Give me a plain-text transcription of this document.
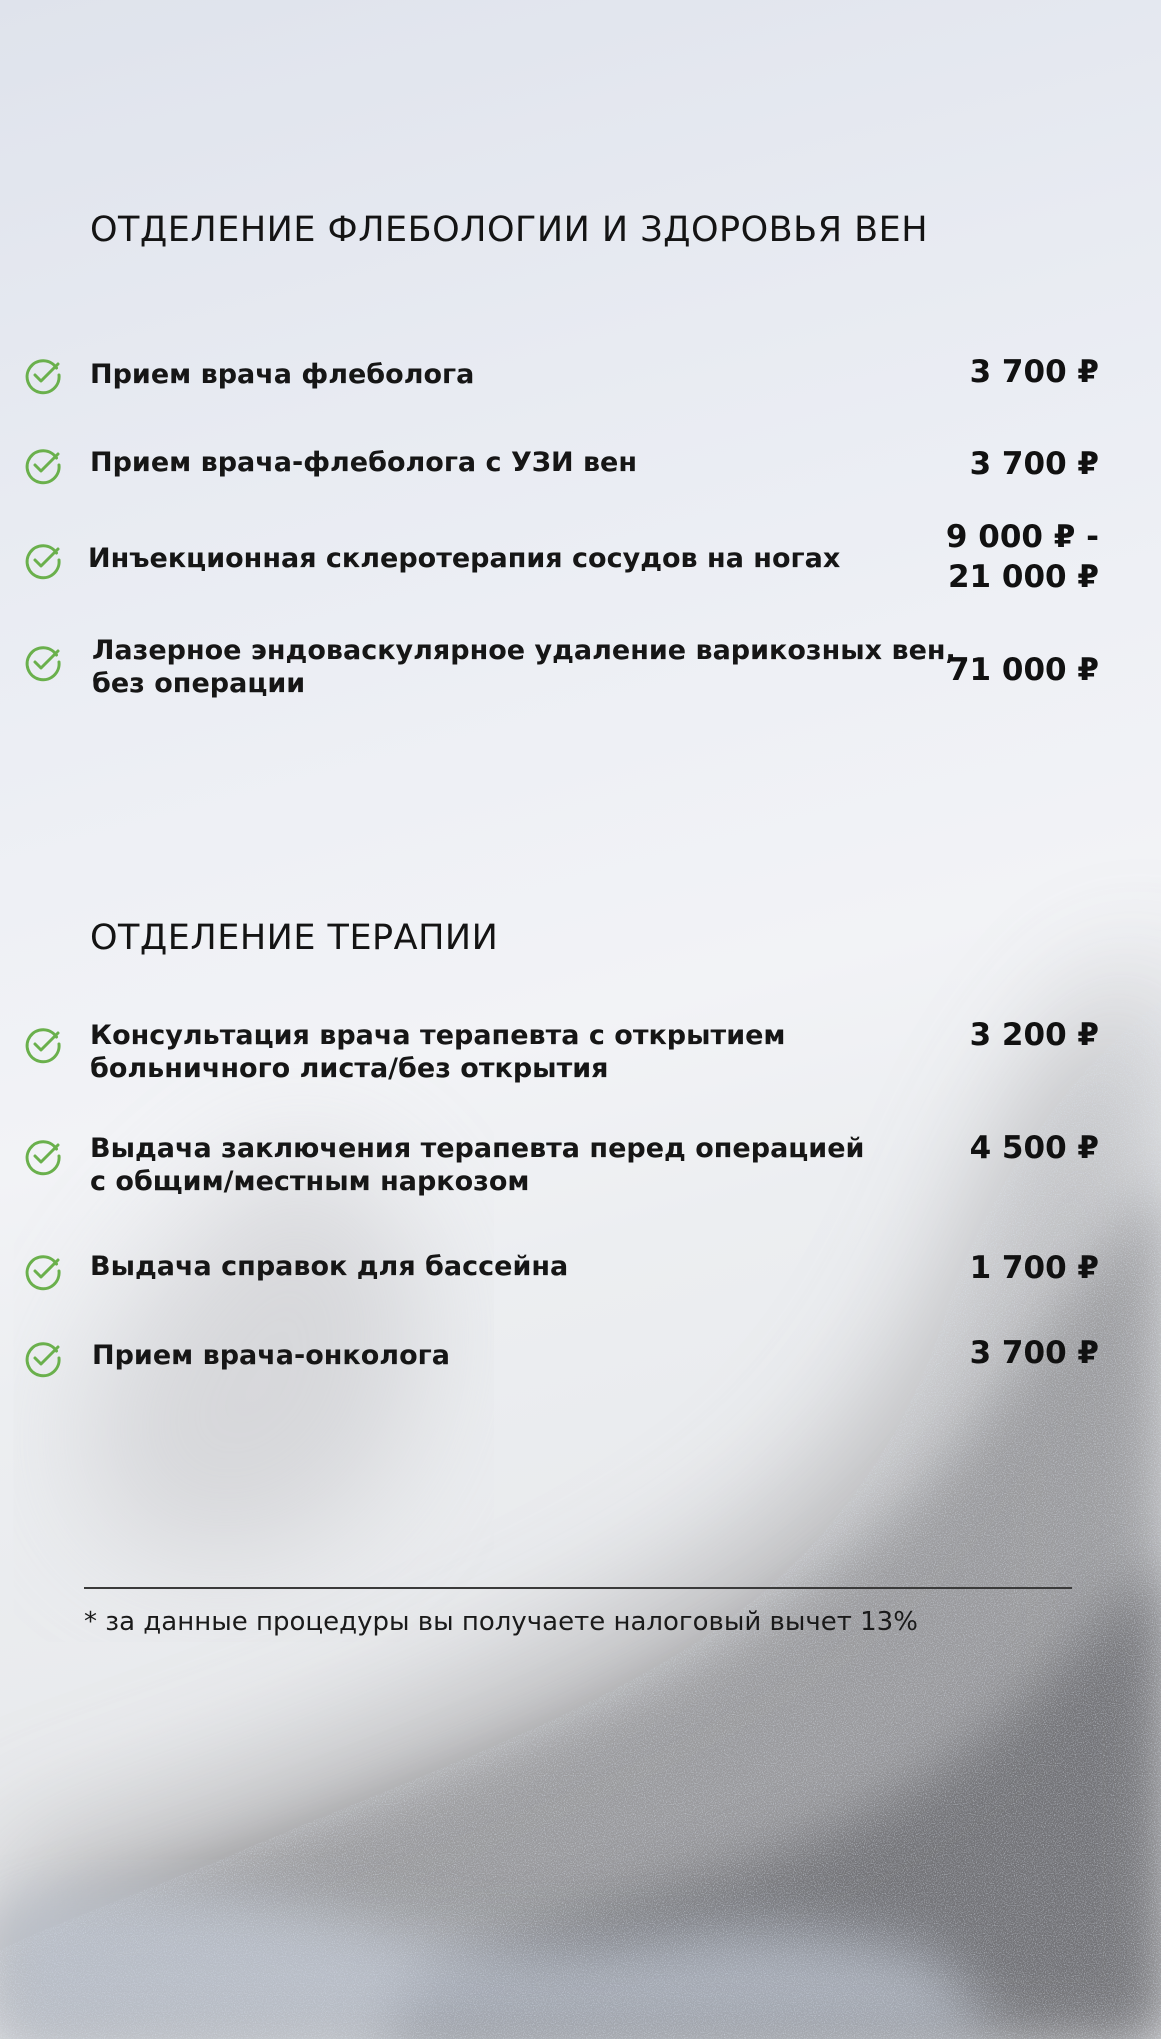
ОТДЕЛЕНИЕ ФЛЕБОЛОГИИ И ЗДОРОВЬЯ ВЕН
Прием врача флеболога	3 700 ₽
Прием врача-флеболога с УЗИ вен	3 700 ₽
Инъекционная склеротерапия сосудов на ногах
9 000 ₽ -
21 000 ₽
Лазерное эндоваскулярное удаление варикозных вен,
без операции	71 000 ₽
ОТДЕЛЕНИЕ ТЕРАПИИ
Консультация врача терапевта с открытием
больничного листа/без открытия
3 200 ₽
Выдача заключения терапевта перед операцией
с общим/местным наркозом
4 500 ₽
Выдача справок для бассейна	1 700 ₽
Прием врача-онколога	3 700 ₽
* за данные процедуры вы получаете налоговый вычет 13%
